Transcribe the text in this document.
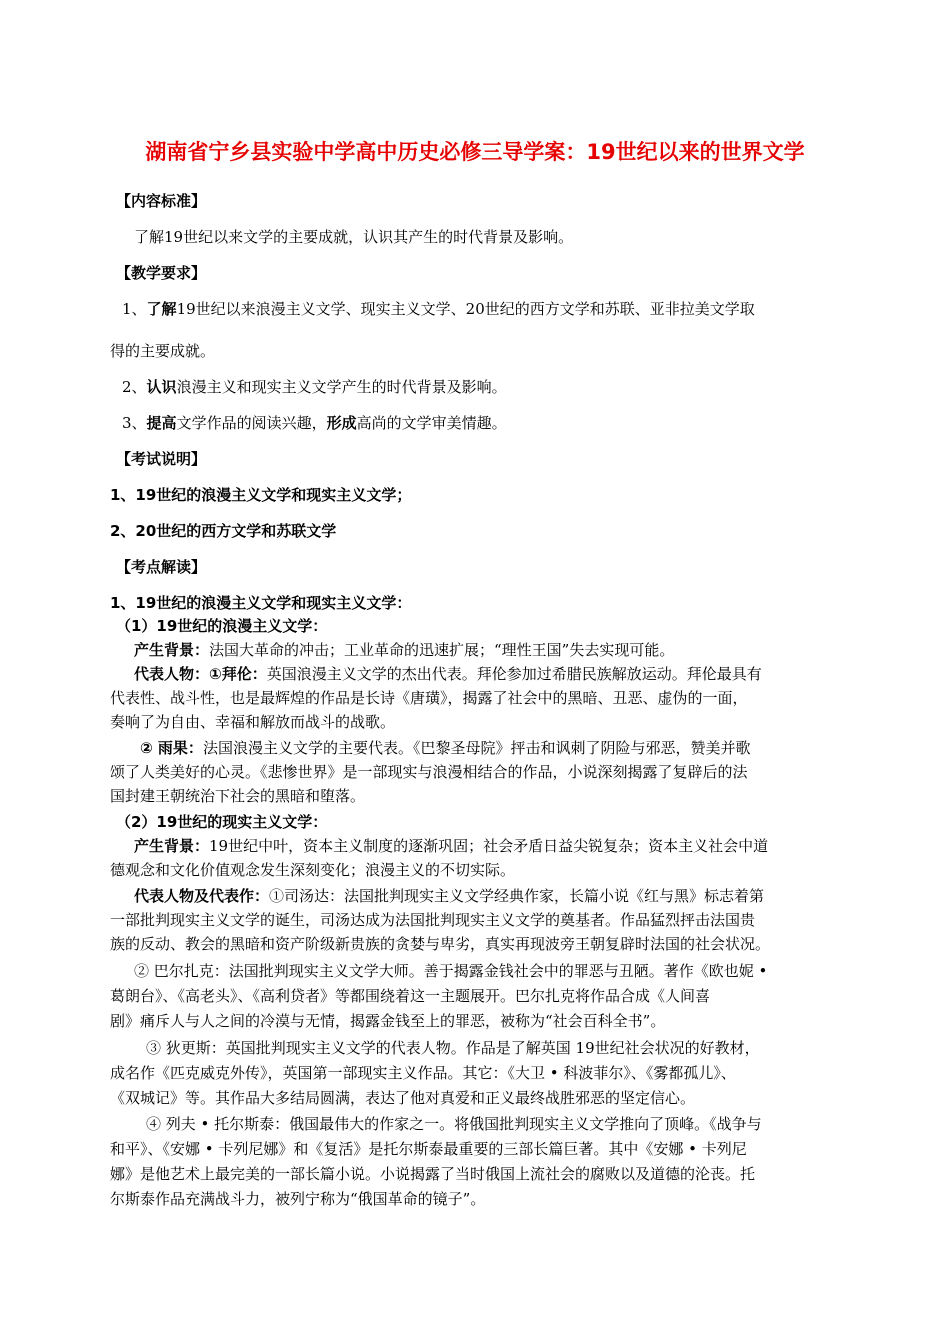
湖南省宁乡县实验中学高中历史必修三导学案：19世纪以来的世界文学
【内容标准】
了解19世纪以来文学的主要成就，认识其产生的时代背景及影响。
【教学要求】
1、了解19世纪以来浪漫主义文学、现实主义文学、20世纪的西方文学和苏联、亚非拉美文学取
得的主要成就。
2、认识浪漫主义和现实主义文学产生的时代背景及影响。
3、提高文学作品的阅读兴趣，形成高尚的文学审美情趣。
【考试说明】
1、19世纪的浪漫主义文学和现实主义文学；
2、20世纪的西方文学和苏联文学
【考点解读】
1、19世纪的浪漫主义文学和现实主义文学：
（1）19世纪的浪漫主义文学：
产生背景：法国大革命的冲击；工业革命的迅速扩展；“理性王国”失去实现可能。
代表人物：①拜伦：英国浪漫主义文学的杰出代表。拜伦参加过希腊民族解放运动。拜伦最具有
代表性、战斗性，也是最辉煌的作品是长诗《唐璜》，揭露了社会中的黑暗、丑恶、虚伪的一面，
奏响了为自由、幸福和解放而战斗的战歌。
② 雨果：法国浪漫主义文学的主要代表。《巴黎圣母院》抨击和讽刺了阴险与邪恶，赞美并歌
颂了人类美好的心灵。《悲惨世界》是一部现实与浪漫相结合的作品，小说深刻揭露了复辟后的法
国封建王朝统治下社会的黑暗和堕落。
（2）19世纪的现实主义文学：
产生背景：19世纪中叶，资本主义制度的逐渐巩固；社会矛盾日益尖锐复杂；资本主义社会中道
德观念和文化价值观念发生深刻变化；浪漫主义的不切实际。
代表人物及代表作：①司汤达：法国批判现实主义文学经典作家，长篇小说《红与黑》标志着第
一部批判现实主义文学的诞生，司汤达成为法国批判现实主义文学的奠基者。作品猛烈抨击法国贵
族的反动、教会的黑暗和资产阶级新贵族的贪婪与卑劣，真实再现波旁王朝复辟时法国的社会状况。
② 巴尔扎克：法国批判现实主义文学大师。善于揭露金钱社会中的罪恶与丑陋。著作《欧也妮 •
葛朗台》、《高老头》、《高利贷者》等都围绕着这一主题展开。巴尔扎克将作品合成《人间喜
剧》痛斥人与人之间的冷漠与无情，揭露金钱至上的罪恶，被称为“社会百科全书”。
③ 狄更斯：英国批判现实主义文学的代表人物。作品是了解英国 19世纪社会状况的好教材，
成名作《匹克威克外传》，英国第一部现实主义作品。其它：《大卫 • 科波菲尔》、《雾都孤儿》、
《双城记》等。其作品大多结局圆满，表达了他对真爱和正义最终战胜邪恶的坚定信心。
④ 列夫 • 托尔斯泰：俄国最伟大的作家之一。将俄国批判现实主义文学推向了顶峰。《战争与
和平》、《安娜 • 卡列尼娜》和《复活》是托尔斯泰最重要的三部长篇巨著。其中《安娜 • 卡列尼
娜》是他艺术上最完美的一部长篇小说。小说揭露了当时俄国上流社会的腐败以及道德的沦丧。托
尔斯泰作品充满战斗力，被列宁称为“俄国革命的镜子”。
